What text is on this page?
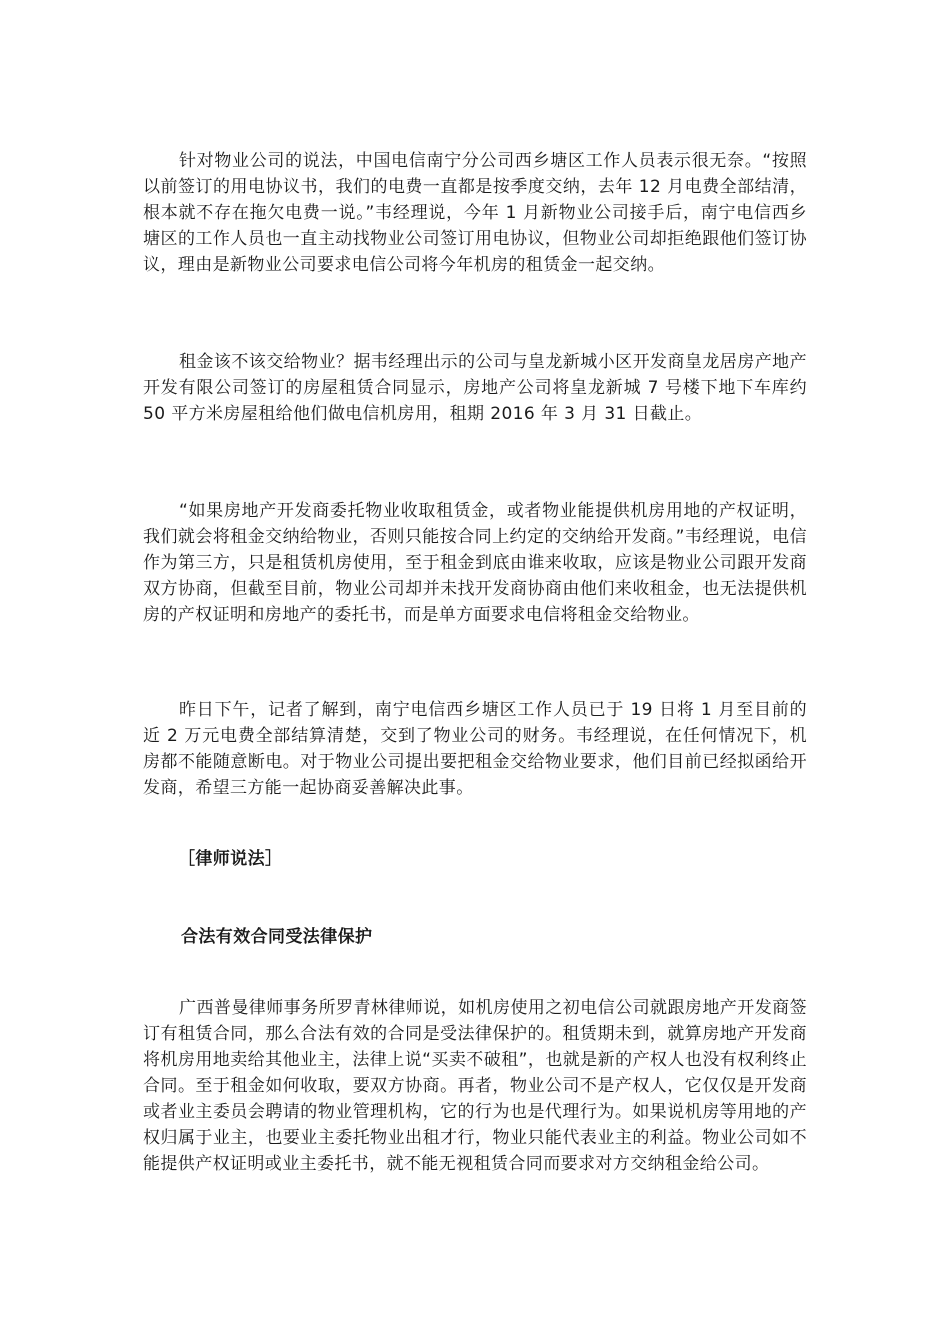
针对物业公司的说法，中国电信南宁分公司西乡塘区工作人员表示很无奈。“按照以前签订的用电协议书，我们的电费一直都是按季度交纳，去年 12 月电费全部结清，根本就不存在拖欠电费一说。”韦经理说，今年 1 月新物业公司接手后，南宁电信西乡塘区的工作人员也一直主动找物业公司签订用电协议，但物业公司却拒绝跟他们签订协议，理由是新物业公司要求电信公司将今年机房的租赁金一起交纳。

租金该不该交给物业？据韦经理出示的公司与皇龙新城小区开发商皇龙居房产地产开发有限公司签订的房屋租赁合同显示，房地产公司将皇龙新城 7 号楼下地下车库约 50 平方米房屋租给他们做电信机房用，租期 2016 年 3 月 31 日截止。

“如果房地产开发商委托物业收取租赁金，或者物业能提供机房用地的产权证明，我们就会将租金交纳给物业，否则只能按合同上约定的交纳给开发商。”韦经理说，电信作为第三方，只是租赁机房使用，至于租金到底由谁来收取，应该是物业公司跟开发商双方协商，但截至目前，物业公司却并未找开发商协商由他们来收租金，也无法提供机房的产权证明和房地产的委托书，而是单方面要求电信将租金交给物业。

昨日下午，记者了解到，南宁电信西乡塘区工作人员已于 19 日将 1 月至目前的近 2 万元电费全部结算清楚，交到了物业公司的财务。韦经理说，在任何情况下，机房都不能随意断电。对于物业公司提出要把租金交给物业要求，他们目前已经拟函给开发商，希望三方能一起协商妥善解决此事。

［律师说法］

合法有效合同受法律保护

广西普曼律师事务所罗青林律师说，如机房使用之初电信公司就跟房地产开发商签订有租赁合同，那么合法有效的合同是受法律保护的。租赁期未到，就算房地产开发商将机房用地卖给其他业主，法律上说“买卖不破租”，也就是新的产权人也没有权利终止合同。至于租金如何收取，要双方协商。再者，物业公司不是产权人，它仅仅是开发商或者业主委员会聘请的物业管理机构，它的行为也是代理行为。如果说机房等用地的产权归属于业主，也要业主委托物业出租才行，物业只能代表业主的利益。物业公司如不能提供产权证明或业主委托书，就不能无视租赁合同而要求对方交纳租金给公司。
